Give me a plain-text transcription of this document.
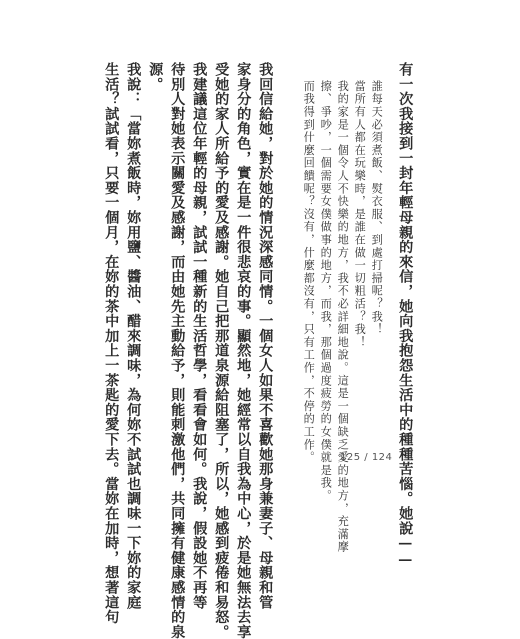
有一次我接到一封年輕母親的來信，她向我抱怨生活中的種種苦惱。她說——
誰每天必須煮飯、熨衣服、到處打掃呢？我！
當所有人都在玩樂時，是誰在做一切粗活？我！
我的家是一個令人不快樂的地方，我不必詳細地說。這是一個缺乏愛的地方，充滿摩
擦、爭吵，一個需要女僕做事的地方，而我，那個過度疲勞的女僕就是我。
而我得到什麼回饋呢？沒有，什麼都沒有，只有工作，不停的工作。
我回信給她，對於她的情況深感同情。一個女人如果不喜歡她那身兼妻子、母親和管
家身分的角色，實在是一件很悲哀的事。顯然地，她經常以自我為中心，於是她無法去享
受她的家人所給予的愛及感謝。她自己把那道泉源給阻塞了，所以，她感到疲倦和易怒。
我建議這位年輕的母親，試試一種新的生活哲學，看看會如何。我說，假設她不再等
待別人對她表示關愛及感謝，而由她先主動給予，則能刺激他們，共同擁有健康感情的泉
源。
我說：「當妳煮飯時，妳用鹽、醬油、醋來調味，為何妳不試試也調味一下妳的家庭
生活？試試看，只要一個月，在妳的茶中加上一茶匙的愛下去。當妳在加時，想著這句	125 / 124
